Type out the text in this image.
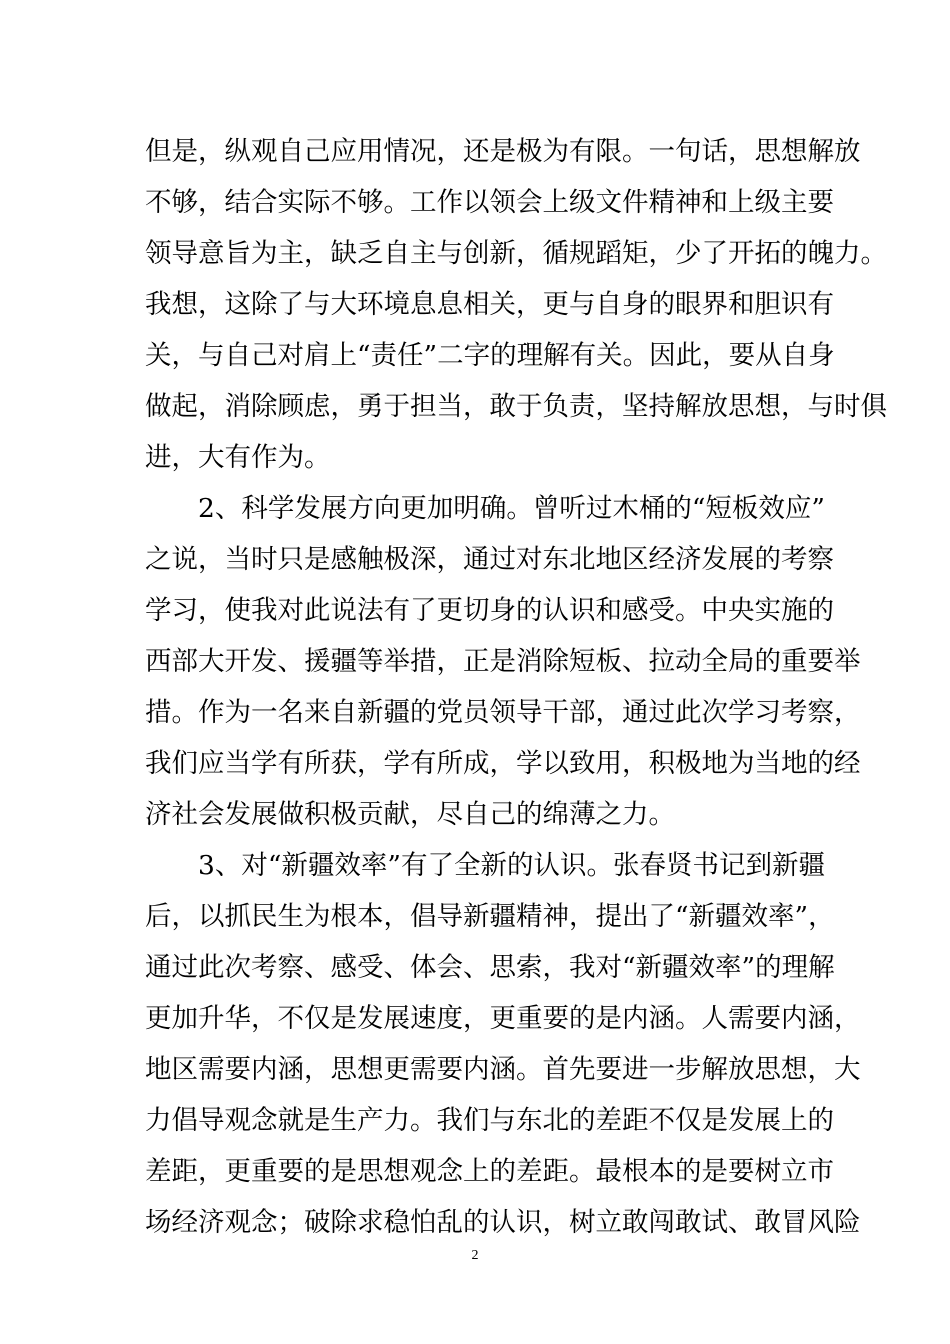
但是，纵观自己应用情况，还是极为有限。一句话，思想解放
不够，结合实际不够。工作以领会上级文件精神和上级主要
领导意旨为主，缺乏自主与创新，循规蹈矩，少了开拓的魄力。
我想，这除了与大环境息息相关，更与自身的眼界和胆识有
关，与自己对肩上“责任”二字的理解有关。因此，要从自身
做起，消除顾虑，勇于担当，敢于负责，坚持解放思想，与时俱
进，大有作为。
2、科学发展方向更加明确。曾听过木桶的“短板效应”
之说，当时只是感触极深，通过对东北地区经济发展的考察
学习，使我对此说法有了更切身的认识和感受。中央实施的
西部大开发、援疆等举措，正是消除短板、拉动全局的重要举
措。作为一名来自新疆的党员领导干部，通过此次学习考察，
我们应当学有所获，学有所成，学以致用，积极地为当地的经
济社会发展做积极贡献，尽自己的绵薄之力。
3、对“新疆效率”有了全新的认识。张春贤书记到新疆
后，以抓民生为根本，倡导新疆精神，提出了“新疆效率”，
通过此次考察、感受、体会、思索，我对“新疆效率”的理解
更加升华，不仅是发展速度，更重要的是内涵。人需要内涵，
地区需要内涵，思想更需要内涵。首先要进一步解放思想，大
力倡导观念就是生产力。我们与东北的差距不仅是发展上的
差距，更重要的是思想观念上的差距。最根本的是要树立市
场经济观念；破除求稳怕乱的认识，树立敢闯敢试、敢冒风险
2
